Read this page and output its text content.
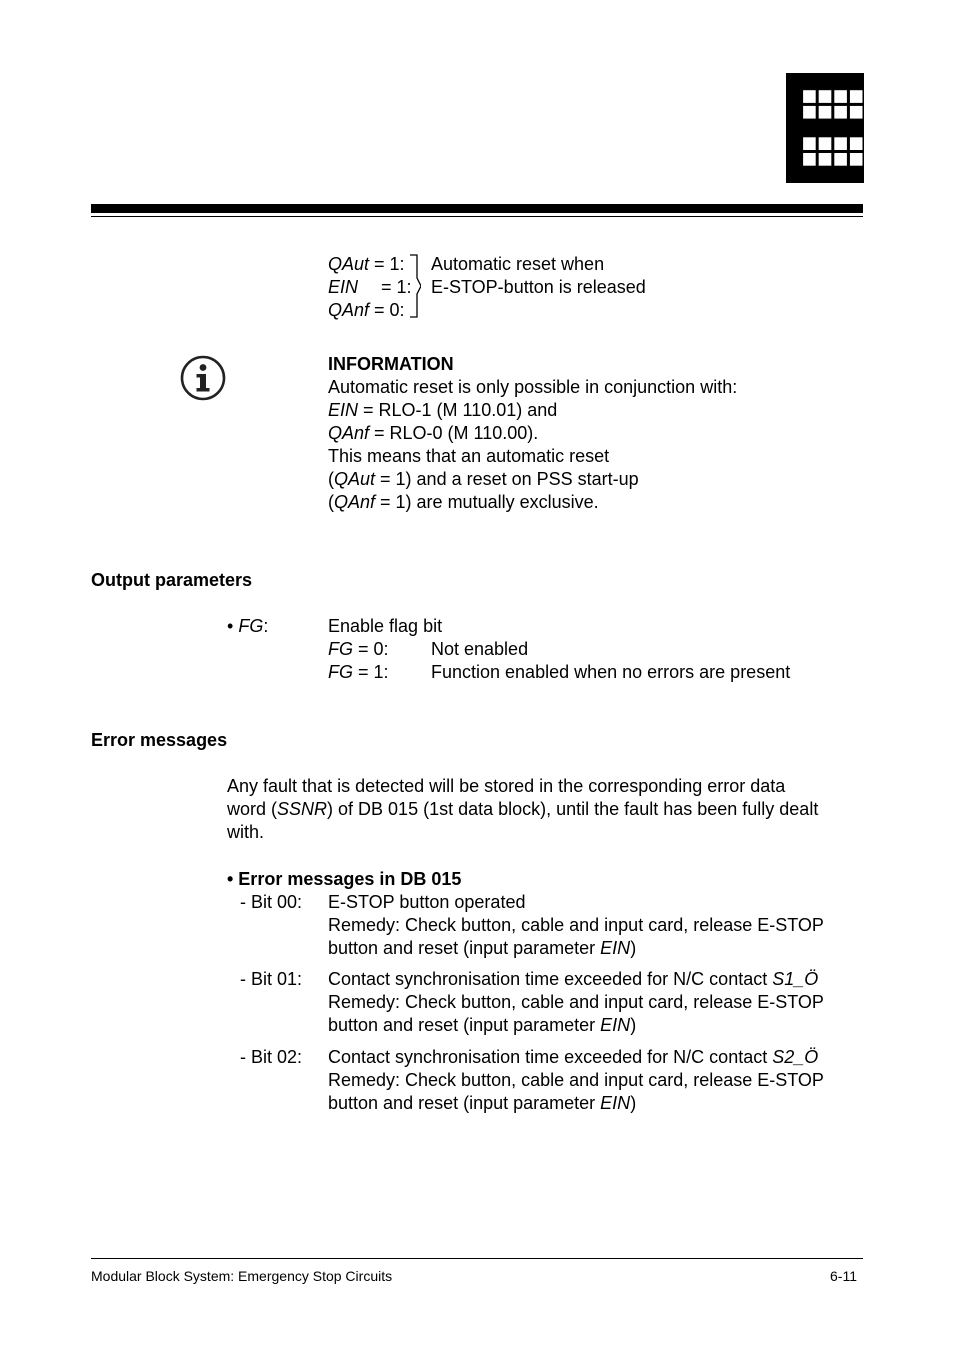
QAut = 1:
EIN = 1:
QAnf = 0:
Automatic reset when
E-STOP-button is released
INFORMATION
Automatic reset is only possible in conjunction with:
EIN = RLO-1 (M 110.01) and
QAnf = RLO-0 (M 110.00).
This means that an automatic reset
(QAut = 1) and a reset on PSS start-up
(QAnf = 1) are mutually exclusive.
Output parameters
• FG:	Enable flag bit
FG = 0: Not enabled
FG = 1: Function enabled when no errors are present
Error messages
Any fault that is detected will be stored in the corresponding error data
word (SSNR) of DB 015 (1st data block), until the fault has been fully dealt
with.
• Error messages in DB 015
- Bit 00: E-STOP button operated
Remedy: Check button, cable and input card, release E-STOP
button and reset (input parameter EIN)
- Bit 01: Contact synchronisation time exceeded for N/C contact S1_Ö
Remedy: Check button, cable and input card, release E-STOP
button and reset (input parameter EIN)
- Bit 02: Contact synchronisation time exceeded for N/C contact S2_Ö
Remedy: Check button, cable and input card, release E-STOP
button and reset (input parameter EIN)
Modular Block System: Emergency Stop Circuits	6-11
